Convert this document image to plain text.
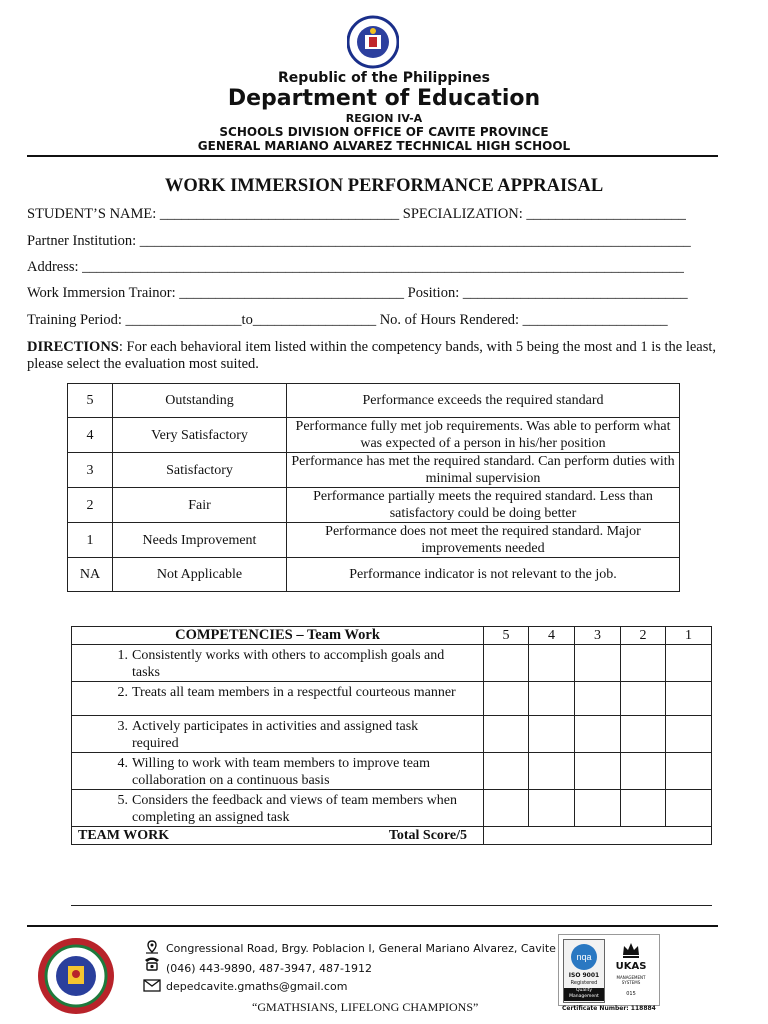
Republic of the Philippines
Department of Education
REGION IV-A
SCHOOLS DIVISION OFFICE OF CAVITE PROVINCE
GENERAL MARIANO ALVAREZ TECHNICAL HIGH SCHOOL
WORK IMMERSION PERFORMANCE APPRAISAL
STUDENT’S NAME: _________________________________ SPECIALIZATION: ______________________
Partner Institution: ____________________________________________________________________________
Address: ___________________________________________________________________________________
Work Immersion Trainor: _______________________________ Position: _______________________________
Training Period: ________________to_________________ No. of Hours Rendered: ____________________
DIRECTIONS: For each behavioral item listed within the competency bands, with 5 being the most and 1 is the least, please select the evaluation most suited.
5	Outstanding	Performance exceeds the required standard
4	Very Satisfactory	Performance fully met job requirements. Was able to perform what was expected of a person in his/her position
3	Satisfactory	Performance has met the required standard. Can perform duties with minimal supervision
2	Fair	Performance partially meets the required standard. Less than satisfactory could be doing better
1	Needs Improvement	Performance does not meet the required standard. Major improvements needed
NA	Not Applicable	Performance indicator is not relevant to the job.
COMPETENCIES – Team Work	5	4	3	2	1
1.Consistently works with others to accomplish goals and tasks					
2. Treats all team members in a respectful courteous manner					
3. Actively participates in activities and assigned task required					
4. Willing to work with team members to improve team collaboration on a continuous basis					
5. Considers the feedback and views of team members when completing an assigned task					
TEAM WORK Total Score/5					

Congressional Road, Brgy. Poblacion I, General Mariano Alvarez, Cavite
(046) 443-9890, 487-3947, 487-1912
depedcavite.gmaths@gmail.com
“GMATHSIANS, LIFELONG CHAMPIONS”
nqa
ISO 9001
Registered
Quality Management
UKAS
MANAGEMENT SYSTEMS
015
Certificate Number: 118884
